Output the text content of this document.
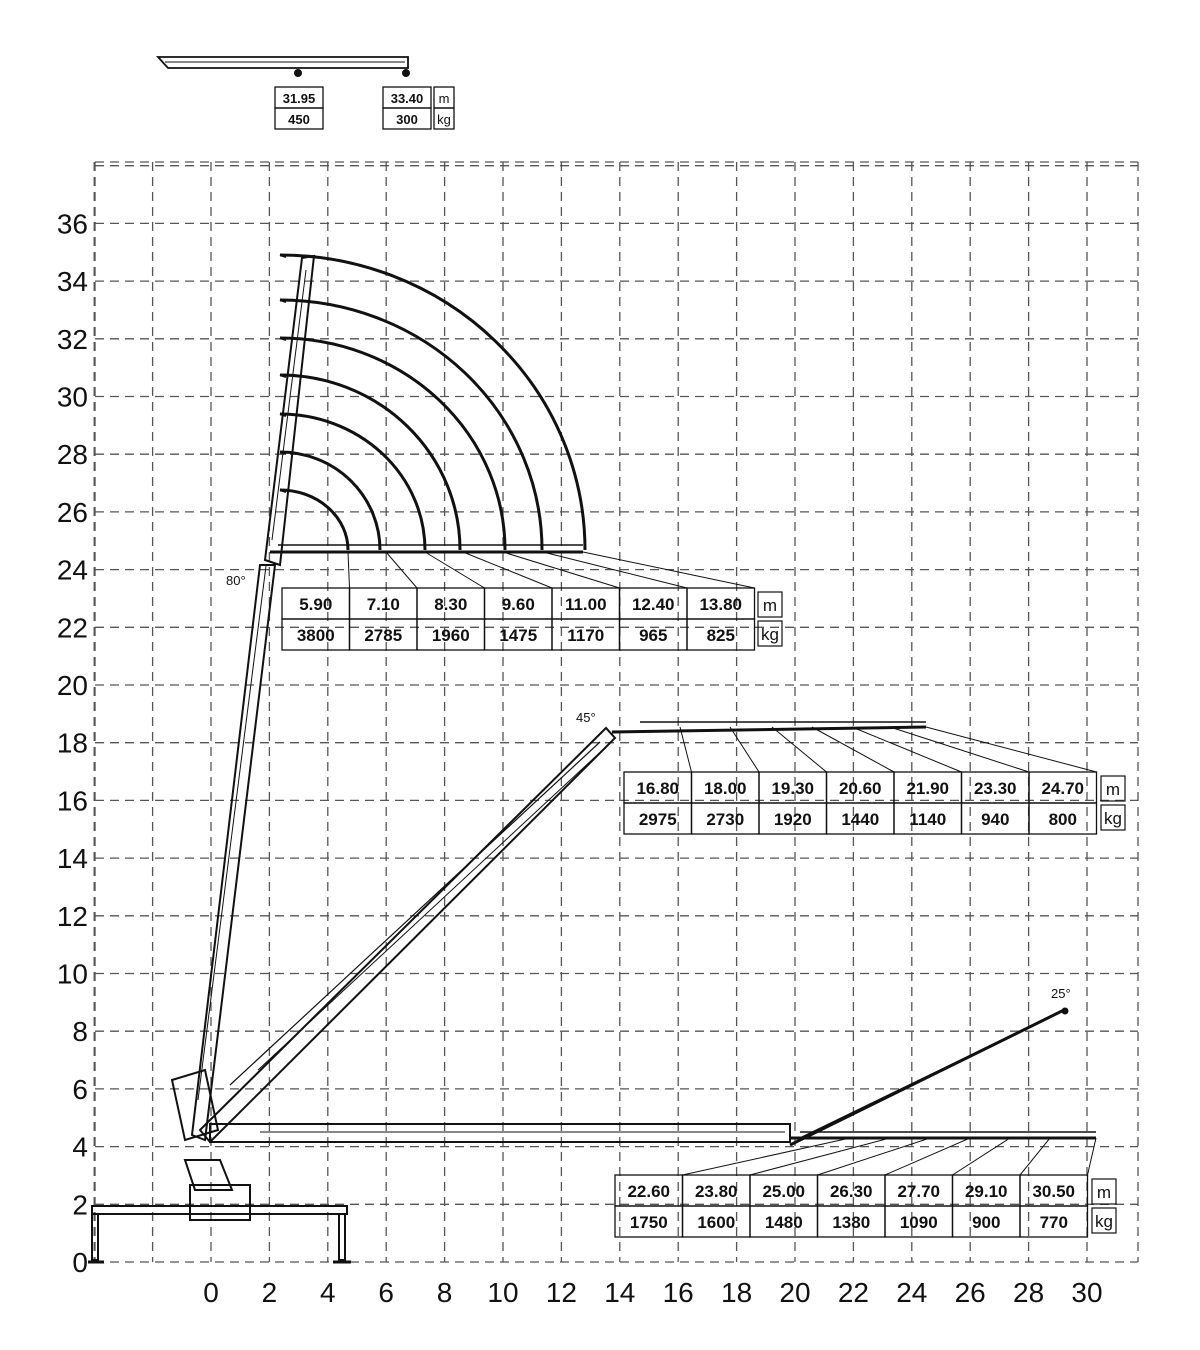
0
2
4
6
8
10
12
14
16
18
20
22
24
26
28
30
32
34
36
0 2 4 6 8 10 12 14 16 18 20 22 24 26 28 30
80°
45°
25°
31.95
450
33.40
300
m
kg
5.90
3800
7.10
2785
8.30
1960
9.60
1475
11.00
1170
12.40
965
13.80
825
m
kg
16.80
2975
18.00
2730
19.30
1920
20.60
1440
21.90
1140
23.30
940
24.70
800
m
kg
22.60
1750
23.80
1600
25.00
1480
26.30
1380
27.70
1090
29.10
900
30.50
770
m
kg
